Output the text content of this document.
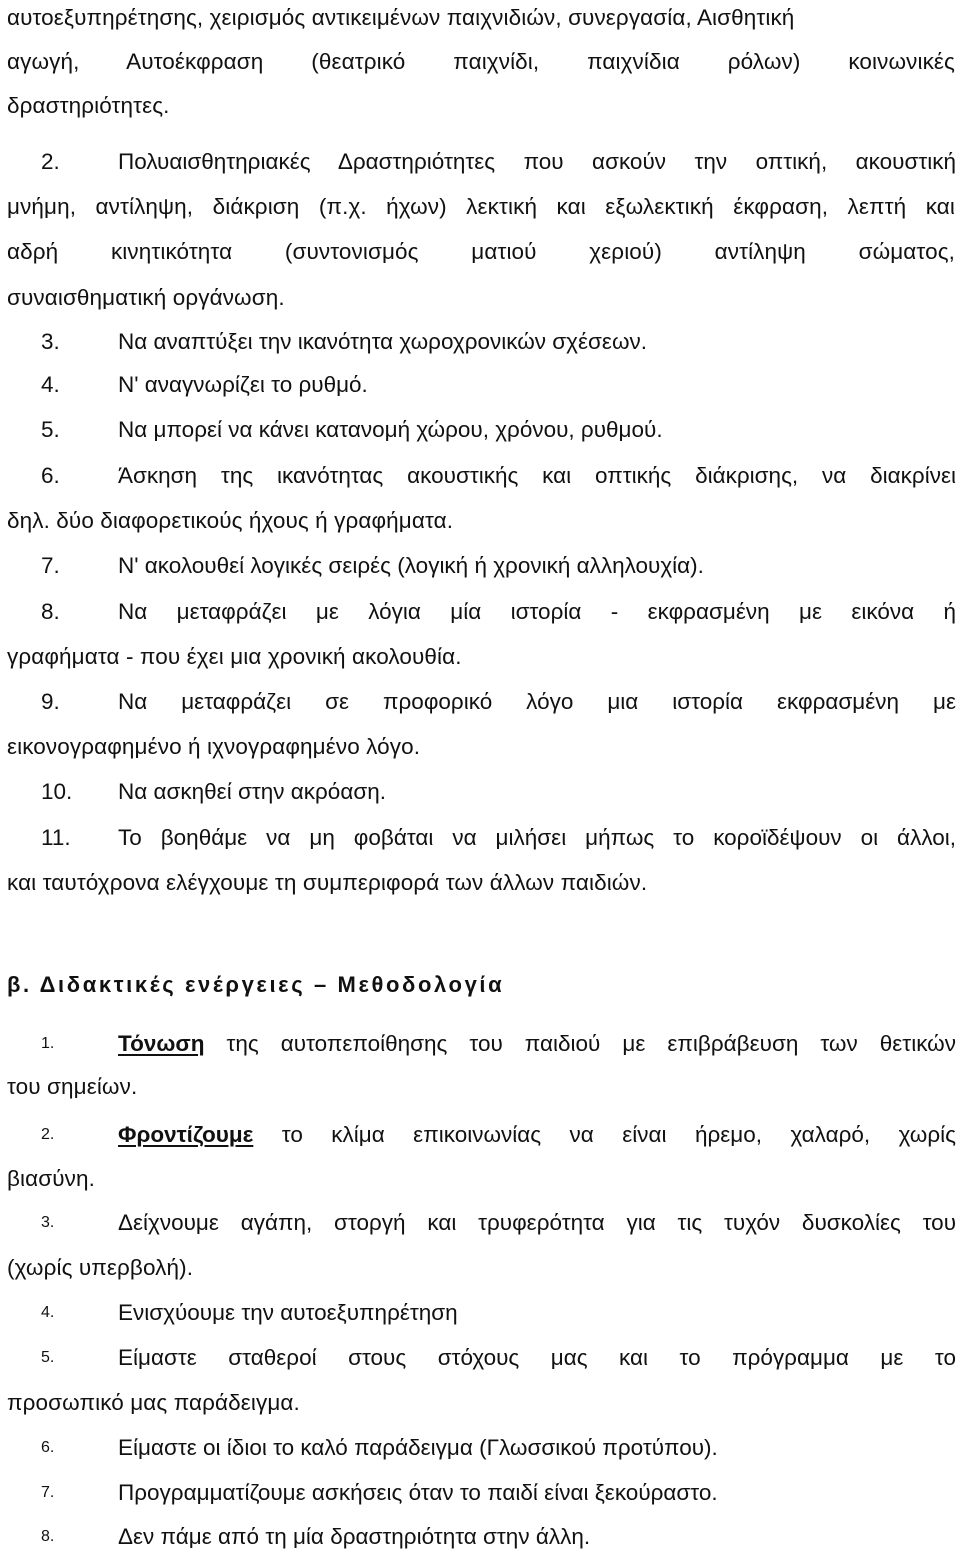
αυτοεξυπηρέτησης, χειρισμός αντικειμένων παιχνιδιών, συνεργασία, Αισθητική
αγωγή, Αυτοέκφραση (θεατρικό παιχνίδι, παιχνίδια ρόλων) κοινωνικές
δραστηριότητες.
2.	Πολυαισθητηριακές Δραστηριότητες που ασκούν την οπτική, ακουστική
μνήμη, αντίληψη, διάκριση (π.χ. ήχων) λεκτική και εξωλεκτική έκφραση, λεπτή και
αδρή κινητικότητα (συντονισμός ματιού χεριού) αντίληψη σώματος,
συναισθηματική οργάνωση.
3.	Να αναπτύξει την ικανότητα χωροχρονικών σχέσεων.
4.	Ν' αναγνωρίζει το ρυθμό.
5.	Να μπορεί να κάνει κατανομή χώρου, χρόνου, ρυθμού.
6.	Άσκηση της ικανότητας ακουστικής και οπτικής διάκρισης, να διακρίνει
δηλ. δύο διαφορετικούς ήχους ή γραφήματα.
7.	Ν' ακολουθεί λογικές σειρές (λογική ή χρονική αλληλουχία).
8.	Να μεταφράζει με λόγια μία ιστορία - εκφρασμένη με εικόνα ή
γραφήματα - που έχει μια χρονική ακολουθία.
9.	Να μεταφράζει σε προφορικό λόγο μια ιστορία εκφρασμένη με
εικονογραφημένο ή ιχνογραφημένο λόγο.
10. Να ασκηθεί στην ακρόαση.
11. Το βοηθάμε να μη φοβάται να μιλήσει μήπως το κοροϊδέψουν οι άλλοι,
και ταυτόχρονα ελέγχουμε τη συμπεριφορά των άλλων παιδιών.
β. Διδακτικές ενέργειες – Μεθοδολογία
1.	Τόνωση της αυτοπεποίθησης του παιδιού με επιβράβευση των θετικών
του σημείων.
2.	Φροντίζουμε το κλίμα επικοινωνίας να είναι ήρεμο, χαλαρό, χωρίς
βιασύνη.
3.	Δείχνουμε αγάπη, στοργή και τρυφερότητα για τις τυχόν δυσκολίες του
(χωρίς υπερβολή).
4.	Ενισχύουμε την αυτοεξυπηρέτηση
5.	Είμαστε σταθεροί στους στόχους μας και το πρόγραμμα με το
προσωπικό μας παράδειγμα.
6.	Είμαστε οι ίδιοι το καλό παράδειγμα (Γλωσσικού προτύπου).
7.	Προγραμματίζουμε ασκήσεις όταν το παιδί είναι ξεκούραστο.
8.	Δεν πάμε από τη μία δραστηριότητα στην άλλη.
